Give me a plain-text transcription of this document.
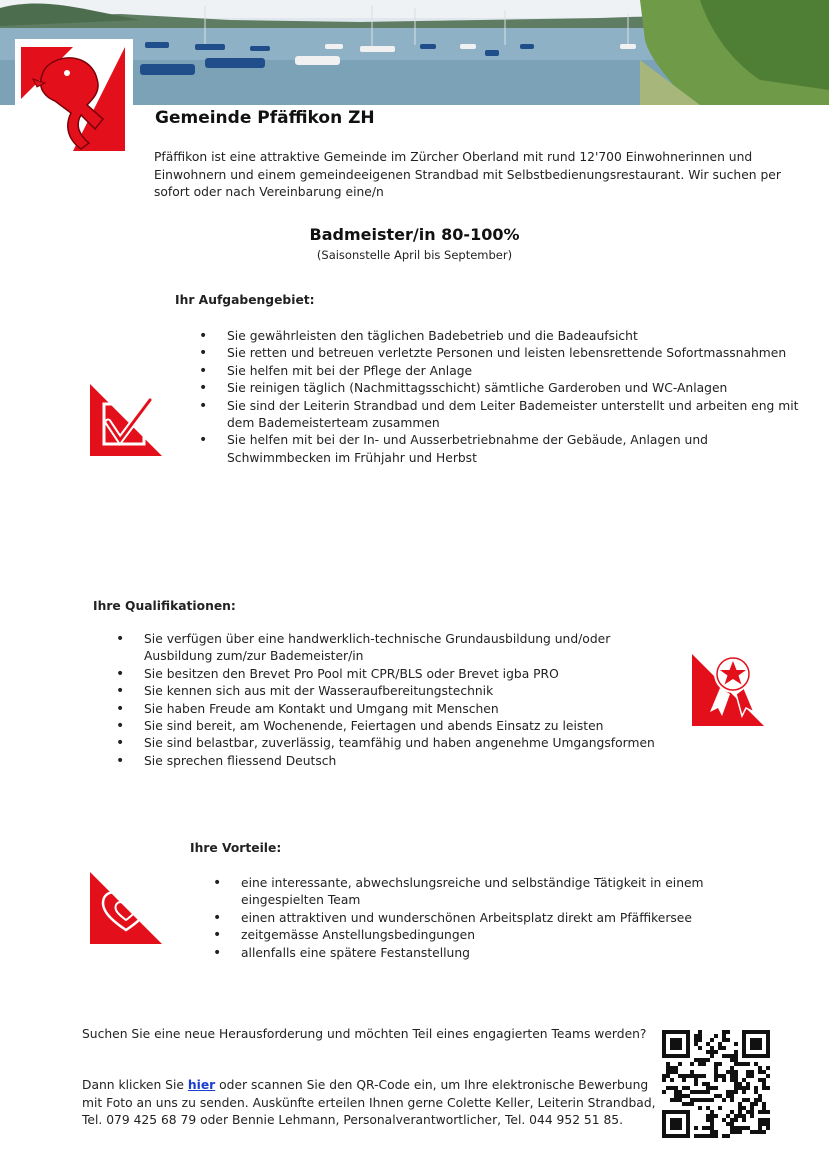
Gemeinde Pfäffikon ZH
Pfäffikon ist eine attraktive Gemeinde im Zürcher Oberland mit rund 12'700 Einwohnerinnen und Einwohnern und einem gemeindeeigenen Strandbad mit Selbstbedienungsrestaurant. Wir suchen per sofort oder nach Vereinbarung eine/n
Badmeister/in 80-100%
(Saisonstelle April bis September)
Ihr Aufgabengebiet:
• Sie gewährleisten den täglichen Badebetrieb und die Badeaufsicht
• Sie retten und betreuen verletzte Personen und leisten lebensrettende Sofortmassnahmen
• Sie helfen mit bei der Pflege der Anlage
• Sie reinigen täglich (Nachmittagsschicht) sämtliche Garderoben und WC-Anlagen
• Sie sind der Leiterin Strandbad und dem Leiter Bademeister unterstellt und arbeiten eng mit dem Bademeisterteam zusammen
• Sie helfen mit bei der In- und Ausserbetriebnahme der Gebäude, Anlagen und Schwimmbecken im Frühjahr und Herbst
Ihre Qualifikationen:
• Sie verfügen über eine handwerklich-technische Grundausbildung und/oder Ausbildung zum/zur Bademeister/in
• Sie besitzen den Brevet Pro Pool mit CPR/BLS oder Brevet igba PRO
• Sie kennen sich aus mit der Wasseraufbereitungstechnik
• Sie haben Freude am Kontakt und Umgang mit Menschen
• Sie sind bereit, am Wochenende, Feiertagen und abends Einsatz zu leisten
• Sie sind belastbar, zuverlässig, teamfähig und haben angenehme Umgangsformen
• Sie sprechen fliessend Deutsch
Ihre Vorteile:
• eine interessante, abwechslungsreiche und selbständige Tätigkeit in einem eingespielten Team
• einen attraktiven und wunderschönen Arbeitsplatz direkt am Pfäffikersee
• zeitgemässe Anstellungsbedingungen
• allenfalls eine spätere Festanstellung
Suchen Sie eine neue Herausforderung und möchten Teil eines engagierten Teams werden?
Dann klicken Sie hier oder scannen Sie den QR-Code ein, um Ihre elektronische Bewerbung mit Foto an uns zu senden. Auskünfte erteilen Ihnen gerne Colette Keller, Leiterin Strandbad, Tel. 079 425 68 79 oder Bennie Lehmann, Personalverantwortlicher, Tel. 044 952 51 85.
